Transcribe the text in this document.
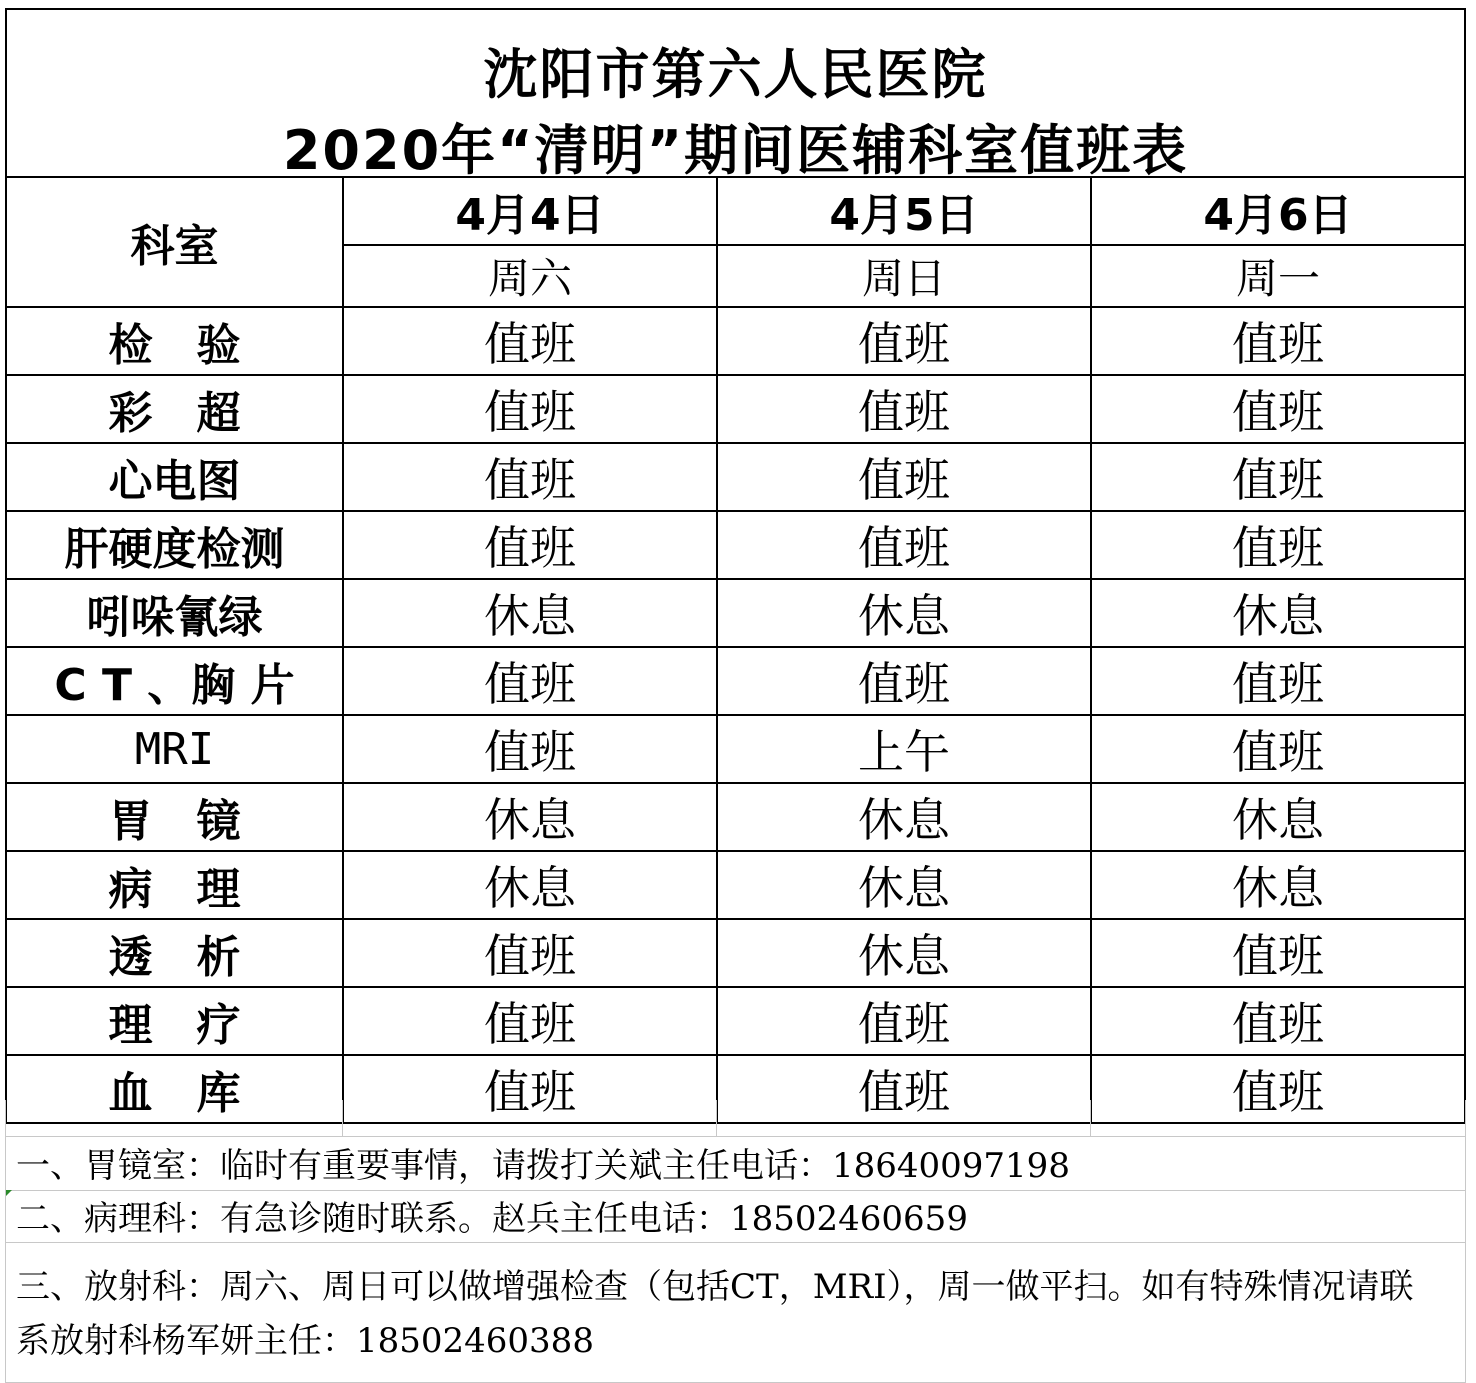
沈阳市第六人民医院
2020年“清明”期间医辅科室值班表
科室	4月4日	4月5日	4月6日
	周六	周日	周一
检　验	值班	值班	值班
彩　超	值班	值班	值班
心电图	值班	值班	值班
肝硬度检测	值班	值班	值班
吲哚氰绿	休息	休息	休息
C T 、胸 片	值班	值班	值班
MRI	值班	上午	值班
胃　镜	休息	休息	休息
病　理	休息	休息	休息
透　析	值班	休息	值班
理　疗	值班	值班	值班
血　库	值班	值班	值班
一、胃镜室：临时有重要事情，请拨打关斌主任电话：18640097198
二、病理科：有急诊随时联系。赵兵主任电话：18502460659
三、放射科：周六、周日可以做增强检查（包括CT，MRI），周一做平扫。如有特殊情况请联系放射科杨军妍主任：18502460388
